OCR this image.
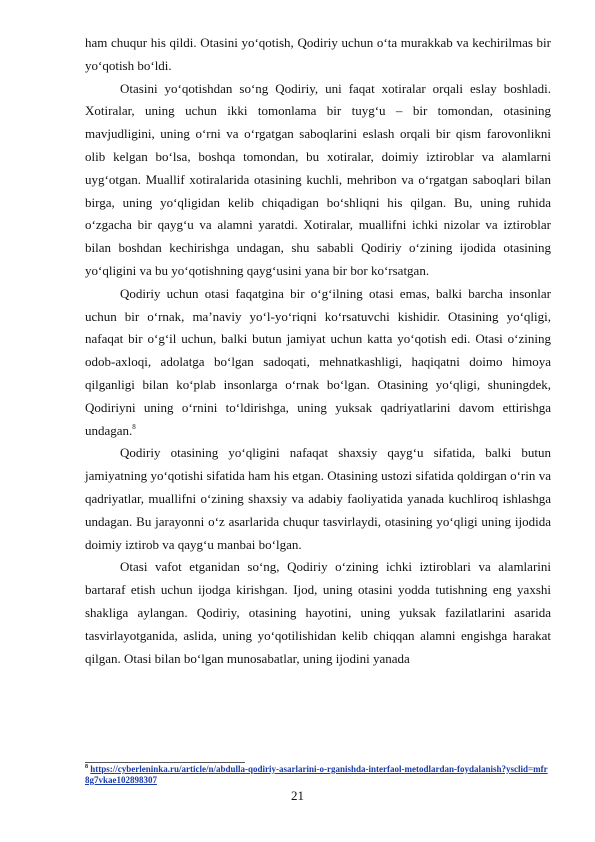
ham chuqur his qildi. Otasini yo‘qotish, Qodiriy uchun o‘ta murakkab va kechirilmas bir yo‘qotish bo‘ldi.

Otasini yo‘qotishdan so‘ng Qodiriy, uni faqat xotiralar orqali eslay boshladi. Xotiralar, uning uchun ikki tomonlama bir tuyg‘u – bir tomondan, otasining mavjudligini, uning o‘rni va o‘rgatgan saboqlarini eslash orqali bir qism farovonlikni olib kelgan bo‘lsa, boshqa tomondan, bu xotiralar, doimiy iztiroblar va alamlarni uyg‘otgan. Muallif xotiralarida otasining kuchli, mehribon va o‘rgatgan saboqlari bilan birga, uning yo‘qligidan kelib chiqadigan bo‘shliqni his qilgan. Bu, uning ruhida o‘zgacha bir qayg‘u va alamni yaratdi. Xotiralar, muallifni ichki nizolar va iztiroblar bilan boshdan kechirishga undagan, shu sababli Qodiriy o‘zining ijodida otasining yo‘qligini va bu yo‘qotishning qayg‘usini yana bir bor ko‘rsatgan.

Qodiriy uchun otasi faqatgina bir o‘g‘ilning otasi emas, balki barcha insonlar uchun bir o‘rnak, ma’naviy yo‘l-yo‘riqni ko‘rsatuvchi kishidir. Otasining yo‘qligi, nafaqat bir o‘g‘il uchun, balki butun jamiyat uchun katta yo‘qotish edi. Otasi o‘zining odob-axloqi, adolatga bo‘lgan sadoqati, mehnatkashligi, haqiqatni doimo himoya qilganligi bilan ko‘plab insonlarga o‘rnak bo‘lgan. Otasining yo‘qligi, shuningdek, Qodiriyni uning o‘rnini to‘ldirishga, uning yuksak qadriyatlarini davom ettirishga undagan.$^8$

Qodiriy otasining yo‘qligini nafaqat shaxsiy qayg‘u sifatida, balki butun jamiyatning yo‘qotishi sifatida ham his etgan. Otasining ustozi sifatida qoldirgan o‘rin va qadriyatlar, muallifni o‘zining shaxsiy va adabiy faoliyatida yanada kuchliroq ishlashga undagan. Bu jarayonni o‘z asarlarida chuqur tasvirlaydi, otasining yo‘qligi uning ijodida doimiy iztirob va qayg‘u manbai bo‘lgan.

Otasi vafot etganidan so‘ng, Qodiriy o‘zining ichki iztiroblari va alamlarini bartaraf etish uchun ijodga kirishgan. Ijod, uning otasini yodda tutishning eng yaxshi shakliga aylangan. Qodiriy, otasining hayotini, uning yuksak fazilatlarini asarida tasvirlayotganida, aslida, uning yo‘qotilishidan kelib chiqqan alamni engishga harakat qilgan. Otasi bilan bo‘lgan munosabatlar, uning ijodini yanada

$^8$ https://cyberleninka.ru/article/n/abdulla-qodiriy-asarlarini-o-rganishda-interfaol-metodlardan-foydalanish?ysclid=mfr8g7vkae102898307
21
